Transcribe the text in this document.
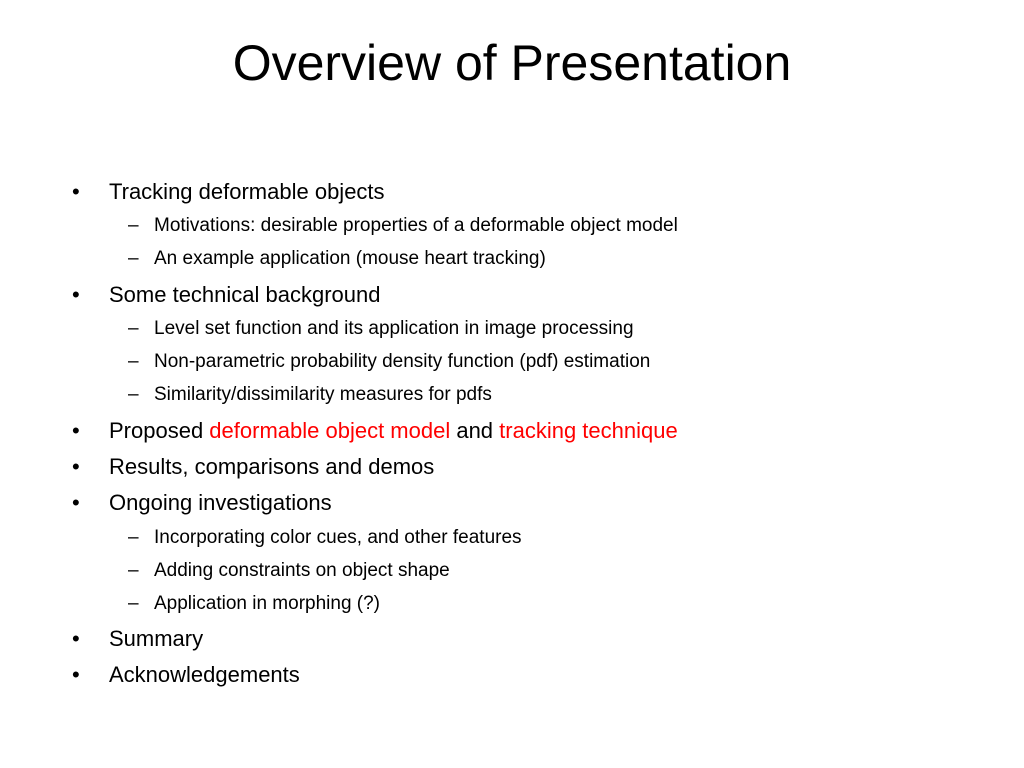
Overview of Presentation
• Tracking deformable objects
– Motivations: desirable properties of a deformable object model
– An example application (mouse heart tracking)
• Some technical background
– Level set function and its application in image processing
– Non-parametric probability density function (pdf) estimation
– Similarity/dissimilarity measures for pdfs
• Proposed deformable object model and tracking technique
• Results, comparisons and demos
• Ongoing investigations
– Incorporating color cues, and other features
– Adding constraints on object shape
– Application in morphing (?)
• Summary
• Acknowledgements
